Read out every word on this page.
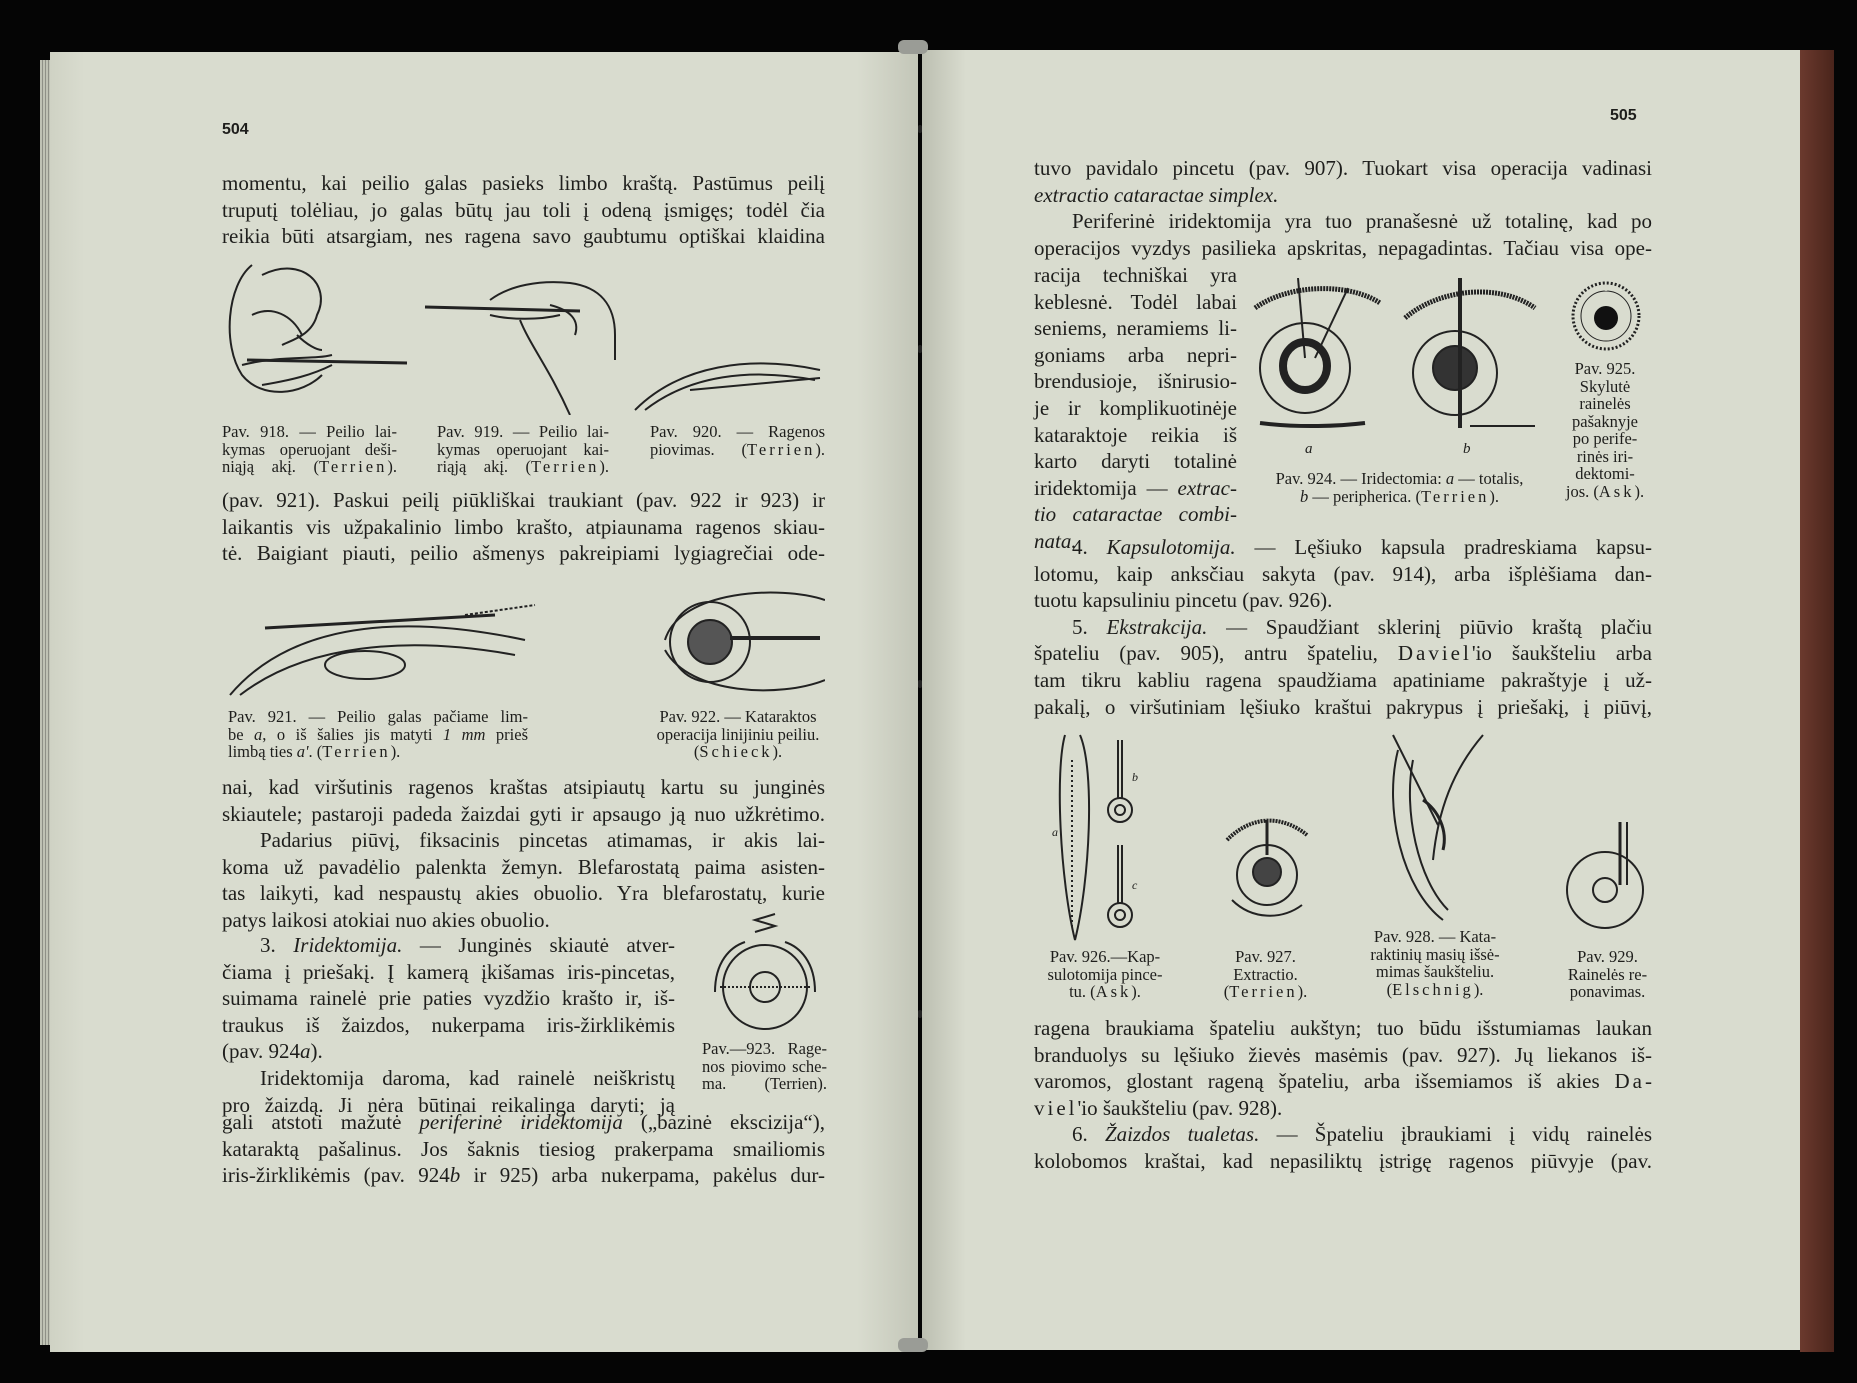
504
momentu, kai peilio galas pasieks limbo kraštą. Pastūmus peilį
truputį tolėliau, jo galas būtų jau toli į odeną įsmigęs; todėl čia
reikia būti atsargiam, nes ragena savo gaubtumu optiškai klaidina
Pav. 918. — Peilio lai-
kymas operuojant deši-
niąją akį. (Terrien).
Pav. 919. — Peilio lai-
kymas operuojant kai-
riąją akį. (Terrien).
Pav. 920. — Ragenos
piovimas. (Terrien).
(pav. 921). Paskui peilį piūkliškai traukiant (pav. 922 ir 923) ir
laikantis vis užpakalinio limbo krašto, atpiaunama ragenos skiau-
tė. Baigiant piauti, peilio ašmenys pakreipiami lygiagrečiai ode-
Pav. 921. — Peilio galas pačiame lim-
be a, o iš šalies jis matyti 1 mm prieš
limbą ties a'. (Terrien).
Pav. 922. — Kataraktos
operacija linijiniu peiliu.
(Schieck).
nai, kad viršutinis ragenos kraštas atsipiautų kartu su junginės
skiautele; pastaroji padeda žaizdai gyti ir apsaugo ją nuo užkrėtimo.
Padarius piūvį, fiksacinis pincetas atimamas, ir akis lai-
koma už pavadėlio palenkta žemyn. Blefarostatą paima asisten-
tas laikyti, kad nespaustų akies obuolio. Yra blefarostatų, kurie
patys laikosi atokiai nuo akies obuolio.
3. Iridektomija. — Junginės skiautė atver-
čiama į priešakį. Į kamerą įkišamas iris-pincetas,
suimama rainelė prie paties vyzdžio krašto ir, iš-
traukus iš žaizdos, nukerpama iris-žirklikėmis
(pav. 924a).
Iridektomija daroma, kad rainelė neiškristų
pro žaizdą. Ji nėra būtinai reikalinga daryti; ją
Pav.—923. Rage-
nos piovimo sche-
ma. (Terrien).
gali atstoti mažutė periferinė iridektomija („bazinė ekscizija“),
kataraktą pašalinus. Jos šaknis tiesiog prakerpama smailiomis
iris-žirklikėmis (pav. 924b ir 925) arba nukerpama, pakėlus dur-
505
tuvo pavidalo pincetu (pav. 907). Tuokart visa operacija vadinasi
extractio cataractae simplex.
Periferinė iridektomija yra tuo pranašesnė už totalinę, kad po
operacijos vyzdys pasilieka apskritas, nepagadintas. Tačiau visa ope-
racija techniškai yra
keblesnė. Todėl labai
seniems, neramiems li-
goniams arba nepri-
brendusioje, išnirusio-
je ir komplikuotinėje
kataraktoje reikia iš
karto daryti totalinė
iridektomija — extrac-
tio cataractae combi-
nata.
a	b
Pav. 924. — Iridectomia: a — totalis,
b — peripherica. (Terrien).
Pav. 925.
Skylutė
rainelės
pašaknyje
po perife-
rinės iri-
dektomi-
jos. (Ask).
4. Kapsulotomija. — Lęšiuko kapsula pradreskiama kapsu-
lotomu, kaip anksčiau sakyta (pav. 914), arba išplėšiama dan-
tuotu kapsuliniu pincetu (pav. 926).
5. Ekstrakcija. — Spaudžiant sklerinį piūvio kraštą plačiu
špateliu (pav. 905), antru špateliu, Daviel'io šaukšteliu arba
tam tikru kabliu ragena spaudžiama apatiniame pakraštyje į už-
pakalį, o viršutiniam lęšiuko kraštui pakrypus į priešakį, į piūvį,
a
b
c
Pav. 926.—Kap-
sulotomija pince-
tu. (Ask).
Pav. 927.
Extractio.
(Terrien).
Pav. 928. — Kata-
raktinių masių išsė-
mimas šaukšteliu.
(Elschnig).
Pav. 929.
Rainelės re-
ponavimas.
ragena braukiama špateliu aukštyn; tuo būdu išstumiamas laukan
branduolys su lęšiuko žievės masėmis (pav. 927). Jų liekanos iš-
varomos, glostant rageną špateliu, arba išsemiamos iš akies Da-
viel'io šaukšteliu (pav. 928).
6. Žaizdos tualetas. — Špateliu įbraukiami į vidų rainelės
kolobomos kraštai, kad nepasiliktų įstrigę ragenos piūvyje (pav.
